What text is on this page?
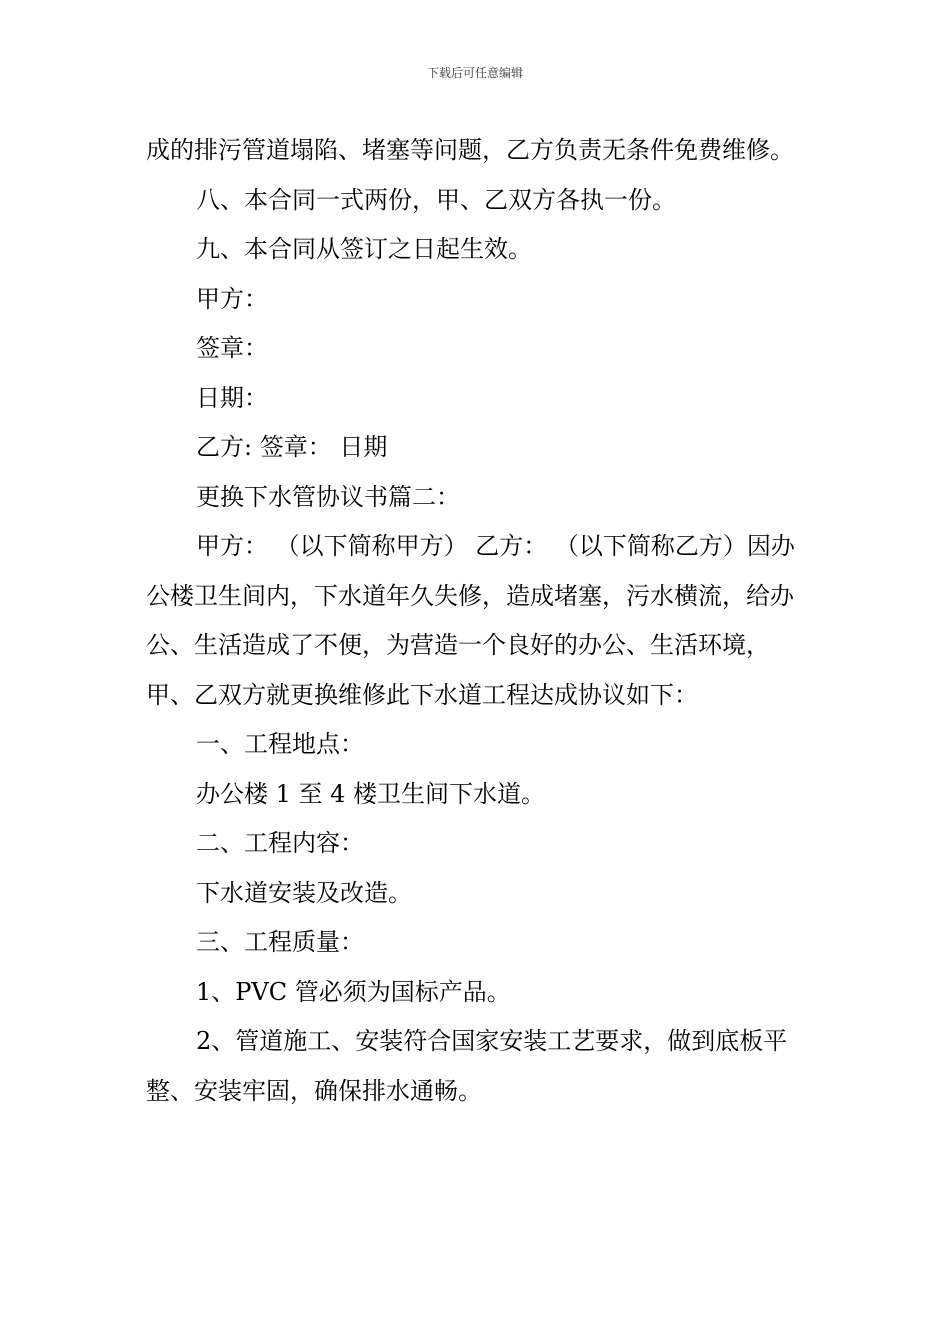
下载后可任意编辑

成的排污管道塌陷、堵塞等问题，乙方负责无条件免费维修。

八、本合同一式两份，甲、乙双方各执一份。

九、本合同从签订之日起生效。

甲方：

签章：

日期：

乙方: 签章： 日期

更换下水管协议书篇二：

甲方： （以下简称甲方） 乙方： （以下简称乙方）因办公楼卫生间内，下水道年久失修，造成堵塞，污水横流，给办公、生活造成了不便，为营造一个良好的办公、生活环境，甲、乙双方就更换维修此下水道工程达成协议如下：

一、工程地点：

办公楼 1 至 4 楼卫生间下水道。

二、工程内容：

下水道安装及改造。

三、工程质量：

1、PVC 管必须为国标产品。

2、管道施工、安装符合国家安装工艺要求，做到底板平整、安装牢固，确保排水通畅。
